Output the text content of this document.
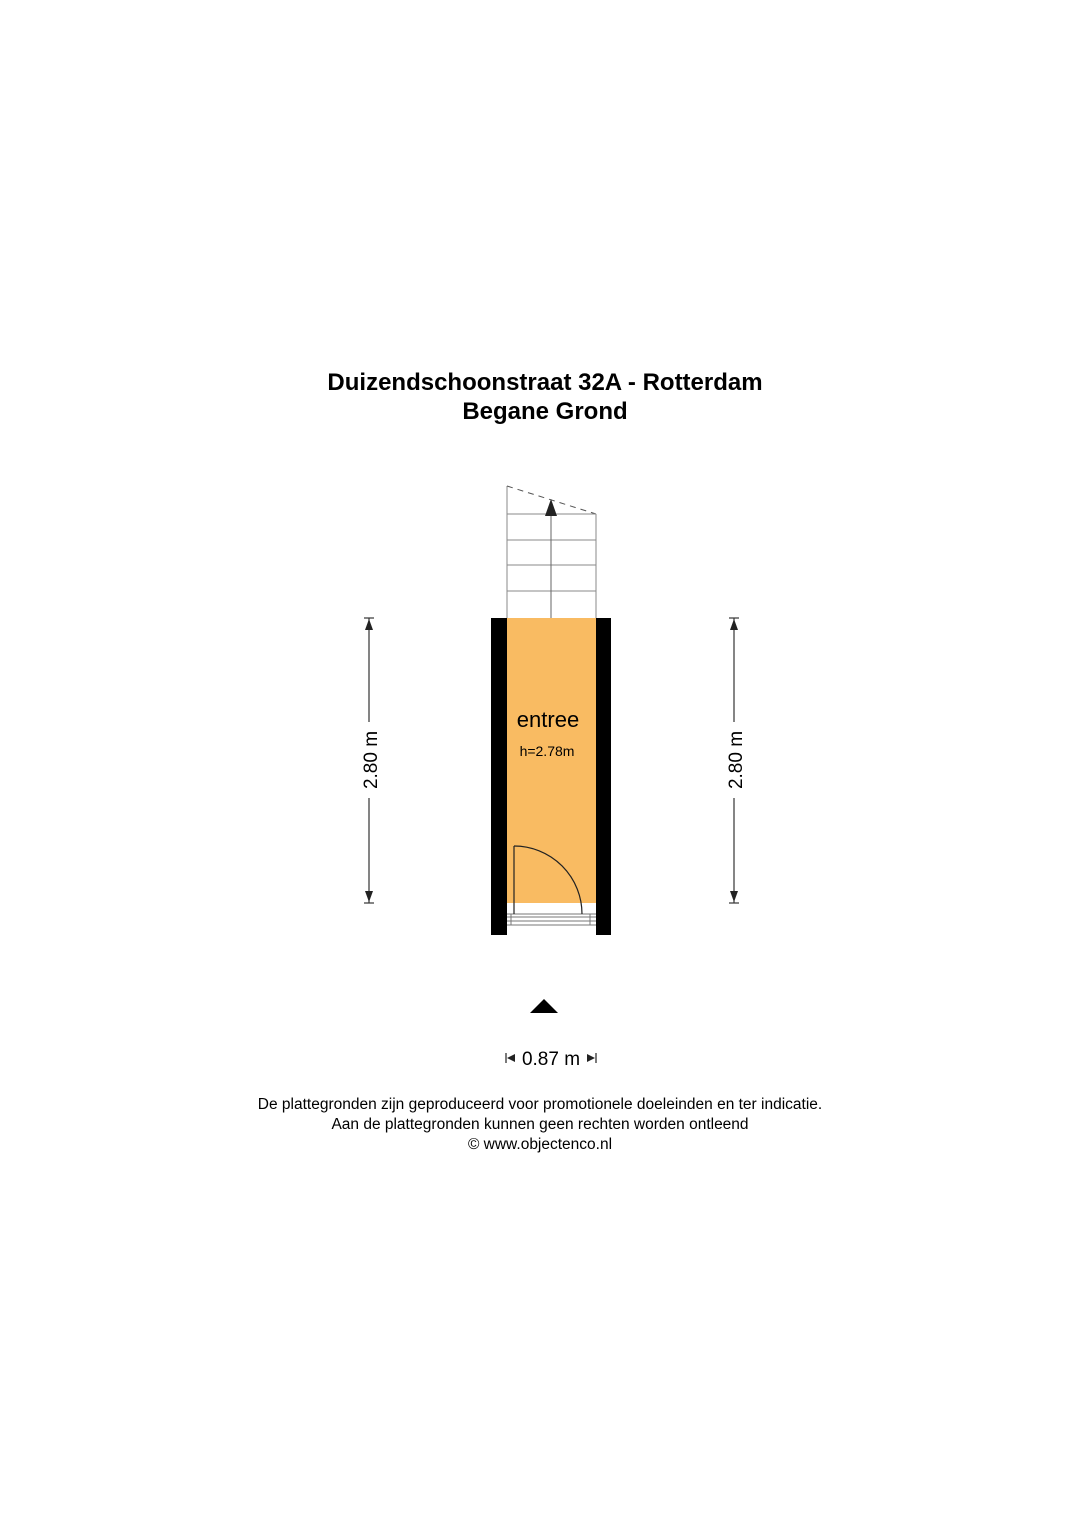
Duizendschoonstraat 32A - Rotterdam
Begane Grond
entree
h=2.78m
2.80 m	2.80 m
0.87 m
De plattegronden zijn geproduceerd voor promotionele doeleinden en ter indicatie.
Aan de plattegronden kunnen geen rechten worden ontleend
© www.objectenco.nl
